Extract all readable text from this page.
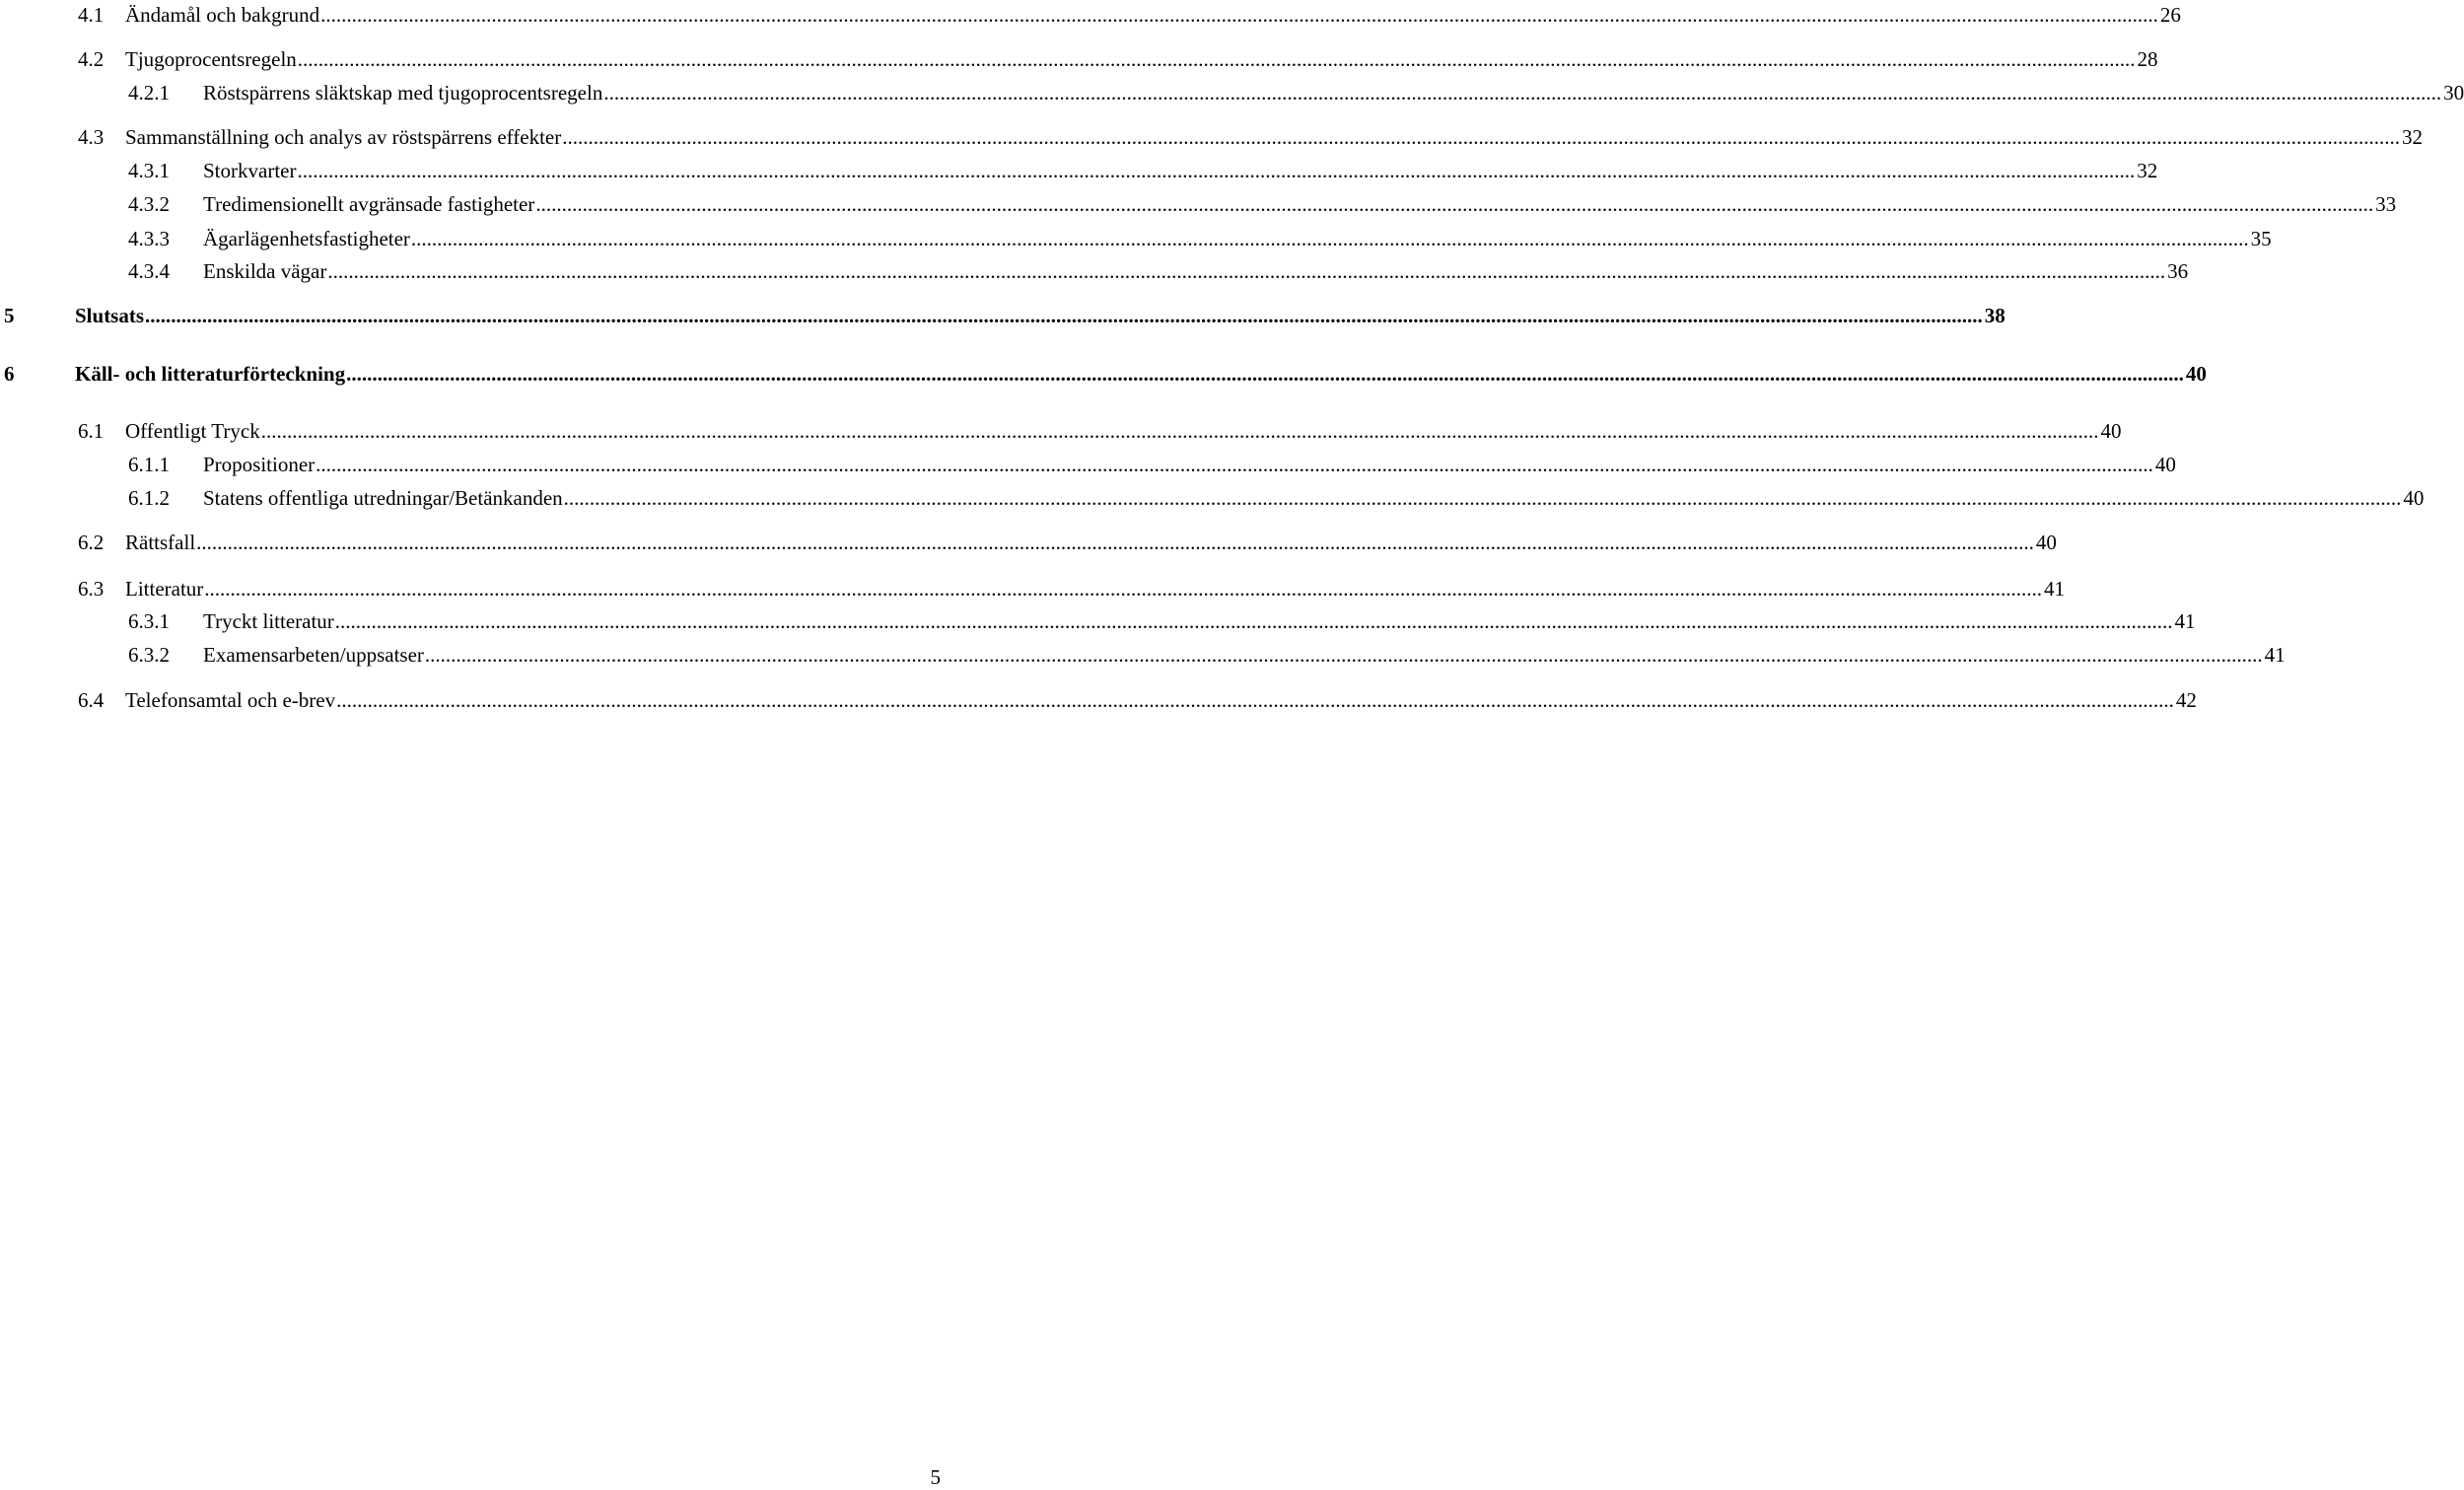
4.1 Ändamål och bakgrund ................................................................................................................................................................................................................................................................................................................................................................... 26
4.2 Tjugoprocentsregeln ................................................................................................................................................................................................................................................................................................................................................................... 28
4.2.1 Röstspärrens släktskap med tjugoprocentsregeln ................................................................................................................................................................................................................................................................................................................................................................... 30
4.3 Sammanställning och analys av röstspärrens effekter ................................................................................................................................................................................................................................................................................................................................................................... 32
4.3.1 Storkvarter ................................................................................................................................................................................................................................................................................................................................................................... 32
4.3.2 Tredimensionellt avgränsade fastigheter ................................................................................................................................................................................................................................................................................................................................................................... 33
4.3.3 Ägarlägenhetsfastigheter ................................................................................................................................................................................................................................................................................................................................................................... 35
4.3.4 Enskilda vägar ................................................................................................................................................................................................................................................................................................................................................................... 36
5	Slutsats ................................................................................................................................................................................................................................................................................................................................................................... 38
6	Käll- och litteraturförteckning ................................................................................................................................................................................................................................................................................................................................................................... 40
6.1 Offentligt Tryck ................................................................................................................................................................................................................................................................................................................................................................... 40
6.1.1 Propositioner ................................................................................................................................................................................................................................................................................................................................................................... 40
6.1.2 Statens offentliga utredningar/Betänkanden ................................................................................................................................................................................................................................................................................................................................................................... 40
6.2 Rättsfall ................................................................................................................................................................................................................................................................................................................................................................... 40
6.3 Litteratur ................................................................................................................................................................................................................................................................................................................................................................... 41
6.3.1 Tryckt litteratur ................................................................................................................................................................................................................................................................................................................................................................... 41
6.3.2 Examensarbeten/uppsatser ................................................................................................................................................................................................................................................................................................................................................................... 41
6.4 Telefonsamtal och e-brev ................................................................................................................................................................................................................................................................................................................................................................... 42
5
